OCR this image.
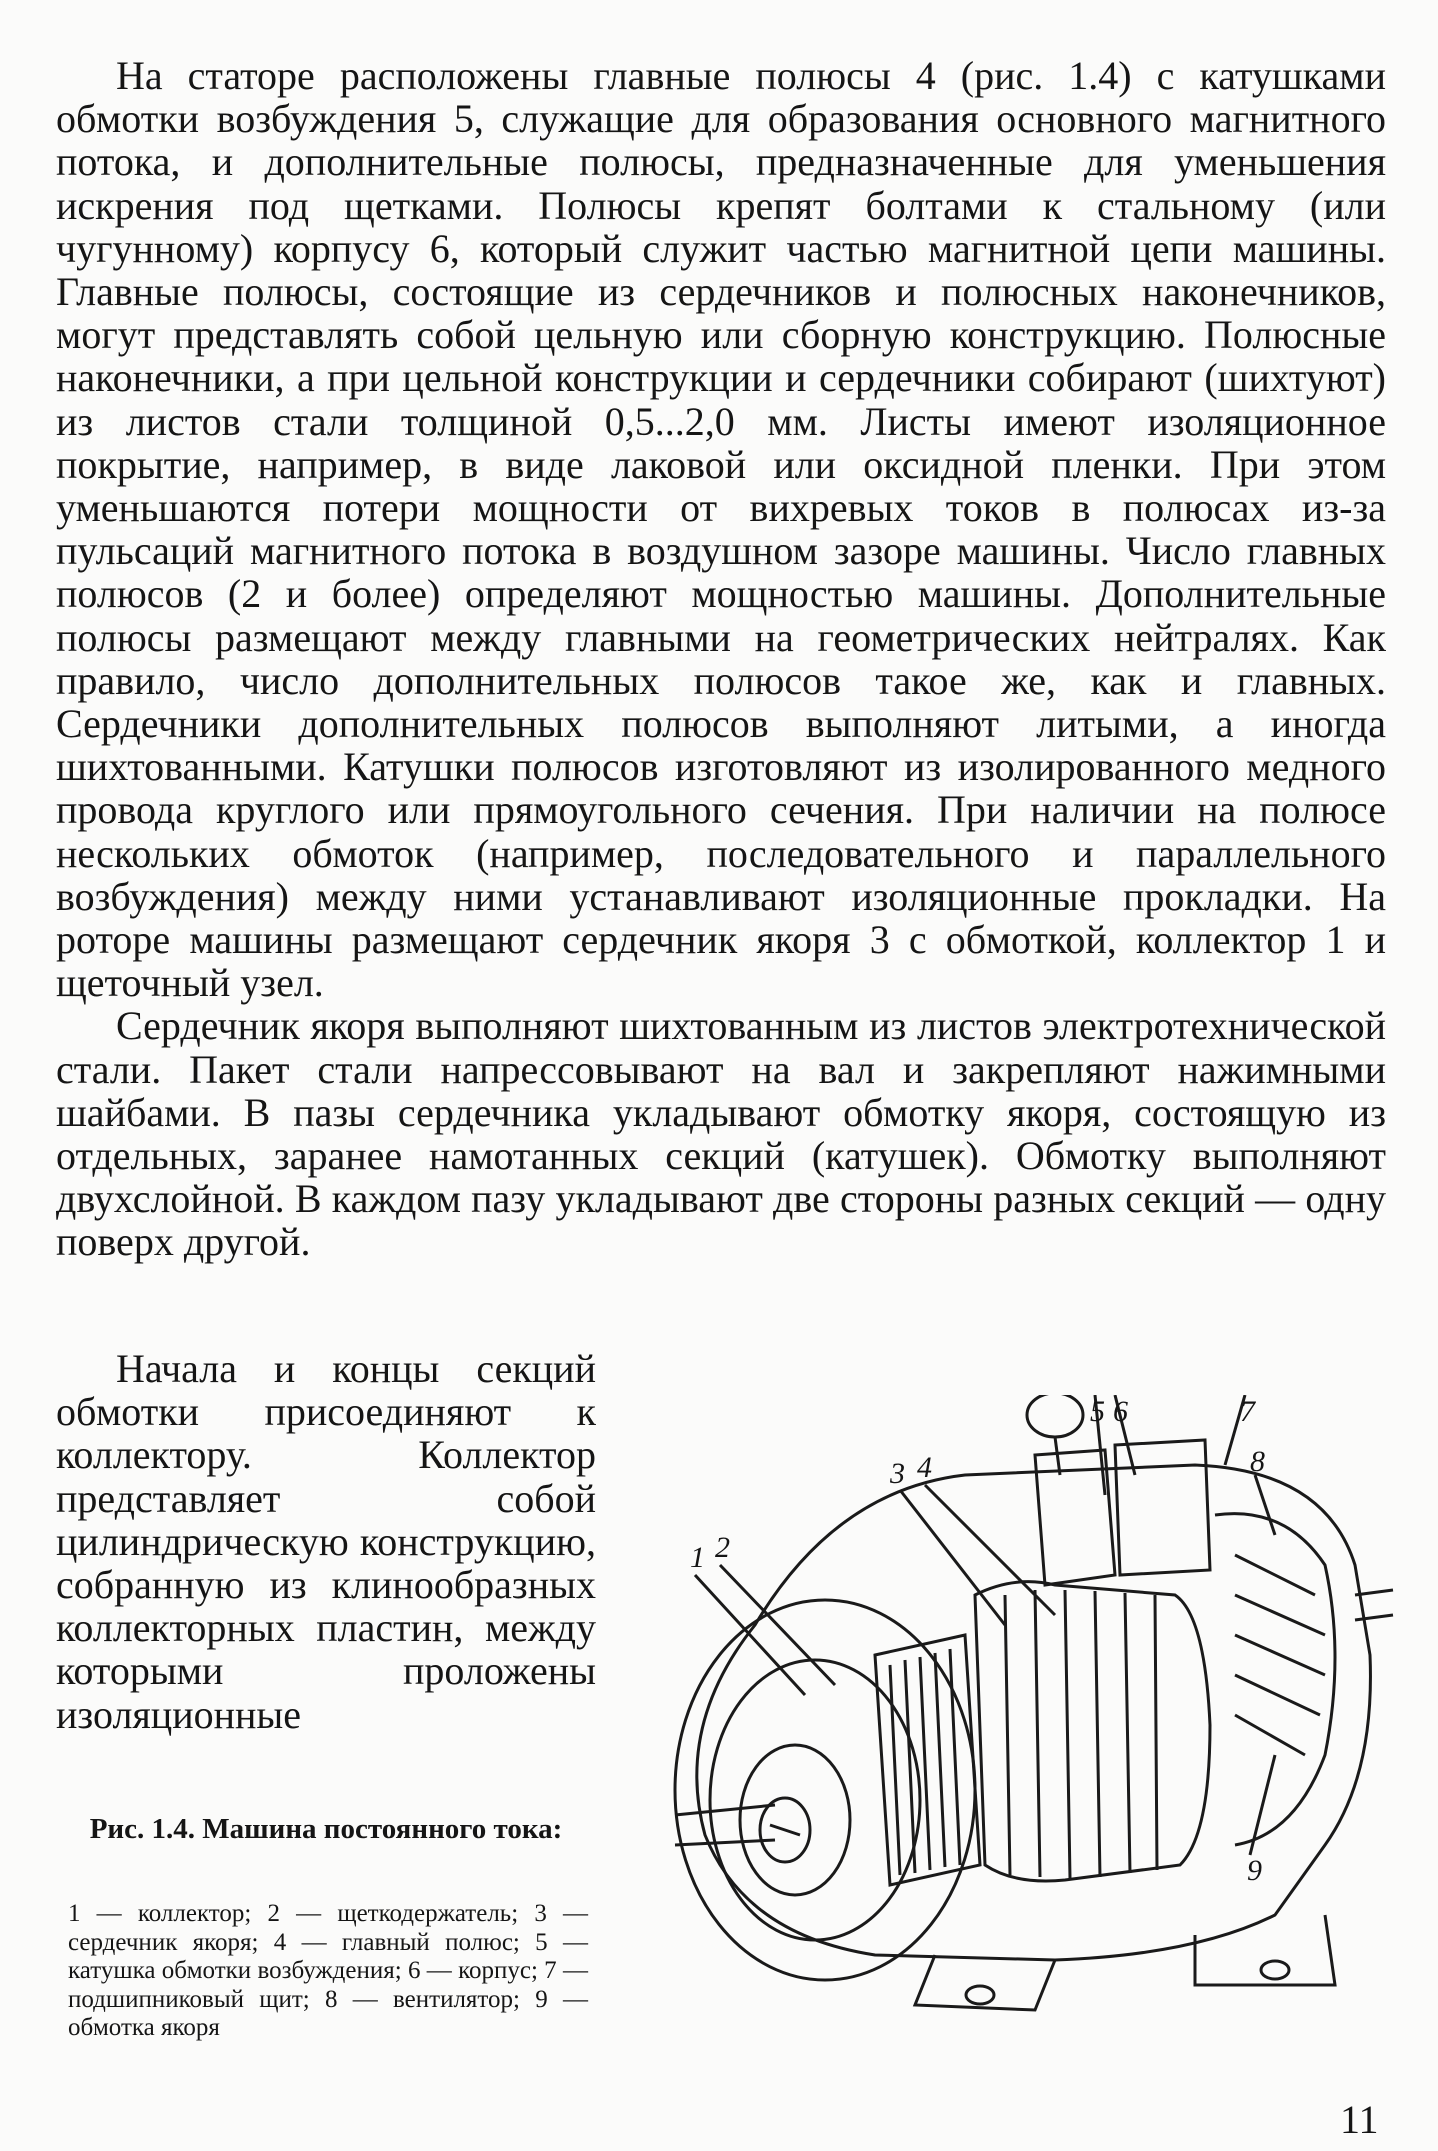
На статоре расположены главные полюсы 4 (рис. 1.4) с катушками обмотки возбуждения 5, служащие для образования основного магнитного потока, и дополнительные полюсы, предназначенные для уменьшения искрения под щетками. Полюсы крепят болтами к стальному (или чугунному) корпусу 6, который служит частью магнитной цепи машины. Главные полюсы, состоящие из сердечников и полюсных наконечников, могут представлять собой цельную или сборную конструкцию. Полюсные наконечники, а при цельной конструкции и сердечники собирают (шихтуют) из листов стали толщиной 0,5...2,0 мм. Листы имеют изоляционное покрытие, например, в виде лаковой или оксидной пленки. При этом уменьшаются потери мощности от вихревых токов в полюсах из-за пульсаций магнитного потока в воздушном зазоре машины. Число главных полюсов (2 и более) определяют мощностью машины. Дополнительные полюсы размещают между главными на геометрических нейтралях. Как правило, число дополнительных полюсов такое же, как и главных. Сердечники дополнительных полюсов выполняют литыми, а иногда шихтованными. Катушки полюсов изготовляют из изолированного медного провода круглого или прямоугольного сечения. При наличии на полюсе нескольких обмоток (например, последовательного и параллельного возбуждения) между ними устанавливают изоляционные прокладки. На роторе машины размещают сердечник якоря 3 с обмоткой, коллектор 1 и щеточный узел.

Сердечник якоря выполняют шихтованным из листов электротехнической стали. Пакет стали напрессовывают на вал и закрепляют нажимными шайбами. В пазы сердечника укладывают обмотку якоря, состоящую из отдельных, заранее намотанных секций (катушек). Обмотку выполняют двухслойной. В каждом пазу укладывают две стороны разных секций — одну поверх другой.

Начала и концы секций обмотки присоединяют к коллектору. Коллектор представляет собой цилиндрическую конструкцию, собранную из клинообразных коллекторных пластин, между которыми проложены изоляционные

1 2
3 4
5 6	7
8
9
Рис. 1.4. Машина постоянного тока:
1 — коллектор; 2 — щеткодержатель; 3 — сердечник якоря; 4 — главный полюс; 5 — катушка обмотки возбуждения; 6 — корпус; 7 — подшипниковый щит; 8 — вентилятор; 9 — обмотка якоря
11
